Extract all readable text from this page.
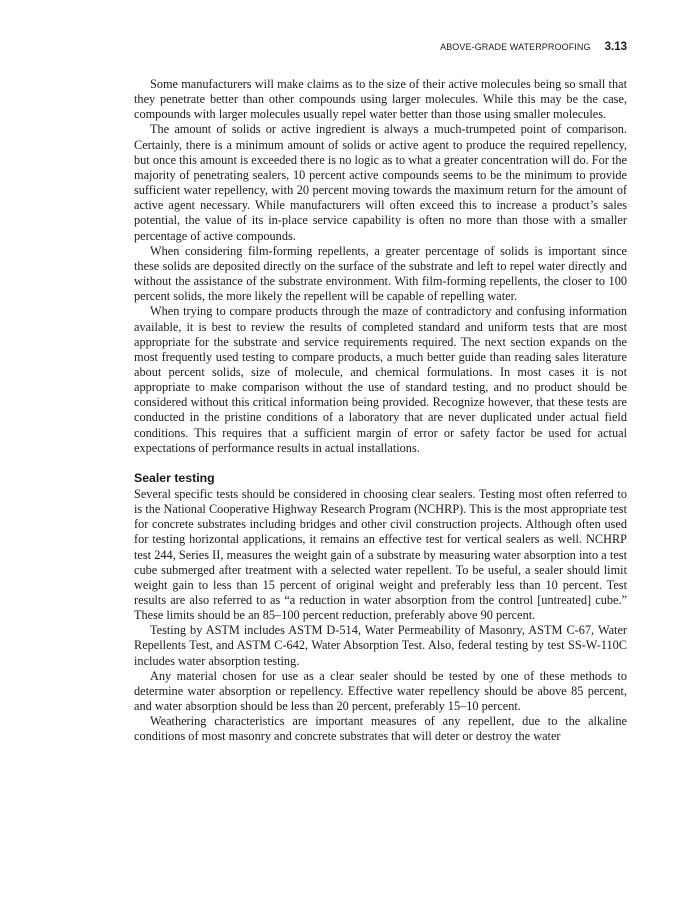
ABOVE-GRADE WATERPROOFING 3.13

Some manufacturers will make claims as to the size of their active molecules being so small that they penetrate better than other compounds using larger molecules. While this may be the case, compounds with larger molecules usually repel water better than those using smaller molecules.

The amount of solids or active ingredient is always a much-trumpeted point of comparison. Certainly, there is a minimum amount of solids or active agent to produce the required repellency, but once this amount is exceeded there is no logic as to what a greater concentration will do. For the majority of penetrating sealers, 10 percent active compounds seems to be the minimum to provide sufficient water repellency, with 20 percent moving towards the maximum return for the amount of active agent necessary. While manufacturers will often exceed this to increase a product’s sales potential, the value of its in-place service capability is often no more than those with a smaller percentage of active compounds.

When considering film-forming repellents, a greater percentage of solids is important since these solids are deposited directly on the surface of the substrate and left to repel water directly and without the assistance of the substrate environment. With film-forming repellents, the closer to 100 percent solids, the more likely the repellent will be capable of repelling water.

When trying to compare products through the maze of contradictory and confusing information available, it is best to review the results of completed standard and uniform tests that are most appropriate for the substrate and service requirements required. The next section expands on the most frequently used testing to compare products, a much better guide than reading sales literature about percent solids, size of molecule, and chemical formulations. In most cases it is not appropriate to make comparison without the use of standard testing, and no product should be considered without this critical information being provided. Recognize however, that these tests are conducted in the pristine conditions of a laboratory that are never duplicated under actual field conditions. This requires that a sufficient margin of error or safety factor be used for actual expectations of performance results in actual installations.

Sealer testing

Several specific tests should be considered in choosing clear sealers. Testing most often referred to is the National Cooperative Highway Research Program (NCHRP). This is the most appropriate test for concrete substrates including bridges and other civil construction projects. Although often used for testing horizontal applications, it remains an effective test for vertical sealers as well. NCHRP test 244, Series II, measures the weight gain of a substrate by measuring water absorption into a test cube submerged after treatment with a selected water repellent. To be useful, a sealer should limit weight gain to less than 15 percent of original weight and preferably less than 10 percent. Test results are also referred to as “a reduction in water absorption from the control [untreated] cube.” These limits should be an 85–100 percent reduction, preferably above 90 percent.

Testing by ASTM includes ASTM D-514, Water Permeability of Masonry, ASTM C-67, Water Repellents Test, and ASTM C-642, Water Absorption Test. Also, federal testing by test SS-W-110C includes water absorption testing.

Any material chosen for use as a clear sealer should be tested by one of these methods to determine water absorption or repellency. Effective water repellency should be above 85 percent, and water absorption should be less than 20 percent, preferably 15–10 percent.

Weathering characteristics are important measures of any repellent, due to the alkaline conditions of most masonry and concrete substrates that will deter or destroy the water
